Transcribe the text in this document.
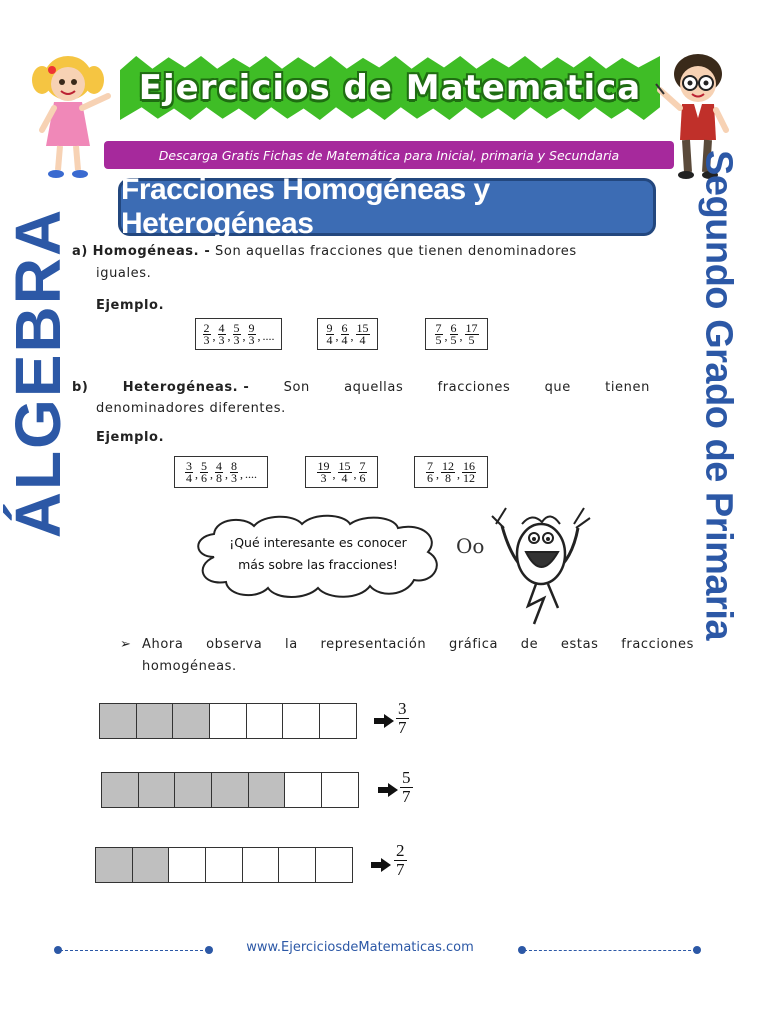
Ejercicios de Matematica
Descarga Gratis Fichas de Matemática para Inicial, primaria y Secundaria
Fracciones Homogéneas y Heterogéneas
ÁLGEBRA	Segundo Grado de Primaria
a) Homogéneas. - Son aquellas fracciones que tienen denominadores
iguales.
Ejemplo.
$\frac{2}{3}$ , $\frac{4}{3}$ , $\frac{5}{3}$ , $\frac{9}{3}$ , ....	$\frac{9}{4}$ , $\frac{6}{4}$ , $\frac{15}{4}$	$\frac{7}{5}$ , $\frac{6}{5}$ , $\frac{17}{5}$
b)	Heterogéneas. -	Son	aquellas	fracciones	que	tienen
denominadores diferentes.
Ejemplo.
$\frac{3}{4}$ , $\frac{5}{6}$ , $\frac{4}{8}$ , $\frac{8}{3}$ , ....	$\frac{19}{3}$ , $\frac{15}{4}$ , $\frac{7}{6}$	$\frac{7}{6}$ , $\frac{12}{8}$ , $\frac{16}{12}$
¡Qué interesante es conocer
más sobre las fracciones!
Oo
➢ Ahora observa la representación gráfica de estas fracciones
homogéneas.
$\frac{3}{7}$
$\frac{5}{7}$
$\frac{2}{7}$
www.EjerciciosdeMatematicas.com
